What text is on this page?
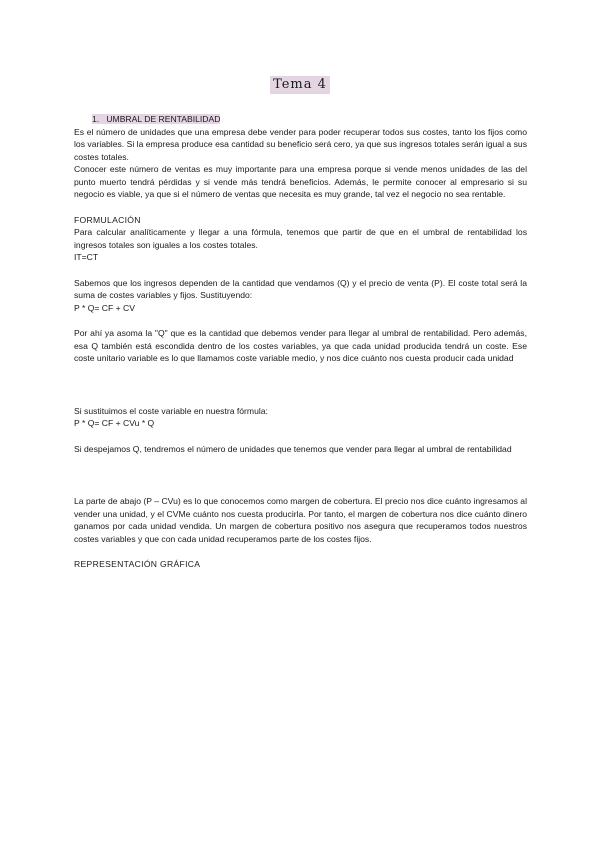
Tema 4
1.   UMBRAL DE RENTABILIDAD

Es el número de unidades que una empresa debe vender para poder recuperar todos sus costes, tanto los fijos como los variables. Si la empresa produce esa cantidad su beneficio será cero, ya que sus ingresos totales serán igual a sus costes totales.

Conocer este número de ventas es muy importante para una empresa porque si vende menos unidades de las del punto muerto tendrá pérdidas y si vende más tendrá beneficios. Además, le permite conocer al empresario si su negocio es viable, ya que si el número de ventas que necesita es muy grande, tal vez el negocio no sea rentable.

FORMULACIÓN

Para calcular analíticamente y llegar a una fórmula, tenemos que partir de que en el umbral de rentabilidad los ingresos totales son iguales a los costes totales.

IT=CT

Sabemos que los ingresos dependen de la cantidad que vendamos (Q) y el precio de venta (P). El coste total será la suma de costes variables y fijos. Sustituyendo:

P * Q= CF + CV

Por ahí ya asoma la "Q" que es la cantidad que debemos vender para llegar al umbral de rentabilidad. Pero además, esa Q también está escondida dentro de los costes variables, ya que cada unidad producida tendrá un coste. Ese coste unitario variable es lo que llamamos coste variable medio, y nos dice cuánto nos cuesta producir cada unidad

Si sustituimos el coste variable en nuestra fórmula:

P * Q= CF + CVu * Q

Si despejamos Q, tendremos el número de unidades que tenemos que vender para llegar al umbral de rentabilidad

La parte de abajo (P – CVu) es lo que conocemos como margen de cobertura. El precio nos dice cuánto ingresamos al vender una unidad, y el CVMe cuánto nos cuesta producirla. Por tanto, el margen de cobertura nos dice cuánto dinero ganamos por cada unidad vendida. Un margen de cobertura positivo nos asegura que recuperamos todos nuestros costes variables y que con cada unidad recuperamos parte de los costes fijos.

REPRESENTACIÓN GRÁFICA
